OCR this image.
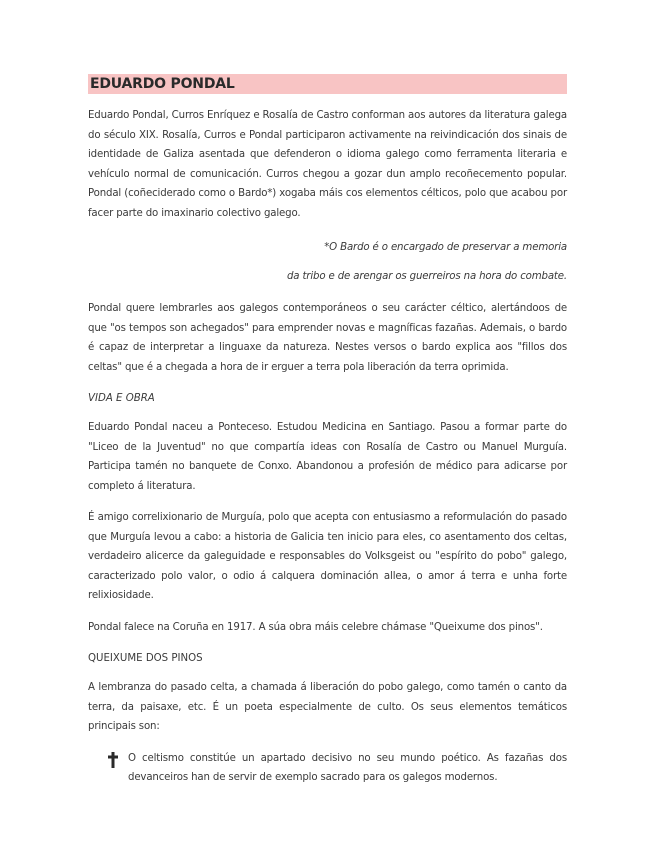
EDUARDO PONDAL

Eduardo Pondal, Curros Enríquez e Rosalía de Castro conforman aos autores da literatura galega do século XIX. Rosalía, Curros e Pondal participaron activamente na reivindicación dos sinais de identidade de Galiza asentada que defenderon o idioma galego como ferramenta literaria e vehículo normal de comunicación. Curros chegou a gozar dun amplo recoñecemento popular. Pondal (coñeciderado como o Bardo*) xogaba máis cos elementos célticos, polo que acabou por facer parte do imaxinario colectivo galego.

*O Bardo é o encargado de preservar a memoria
da tribo e de arengar os guerreiros na hora do combate.

Pondal quere lembrarles aos galegos contemporáneos o seu carácter céltico, alertándoos de que "os tempos son achegados" para emprender novas e magníficas fazañas. Ademais, o bardo é capaz de interpretar a linguaxe da natureza. Nestes versos o bardo explica aos "fillos dos celtas" que é a chegada a hora de ir erguer a terra pola liberación da terra oprimida.

VIDA E OBRA

Eduardo Pondal naceu a Ponteceso. Estudou Medicina en Santiago. Pasou a formar parte do "Liceo de la Juventud" no que compartía ideas con Rosalía de Castro ou Manuel Murguía. Participa tamén no banquete de Conxo. Abandonou a profesión de médico para adicarse por completo á literatura.

É amigo correlixionario de Murguía, polo que acepta con entusiasmo a reformulación do pasado que Murguía levou a cabo: a historia de Galicia ten inicio para eles, co asentamento dos celtas, verdadeiro alicerce da galeguidade e responsables do Volksgeist ou "espírito do pobo" galego, caracterizado polo valor, o odio á calquera dominación allea, o amor á terra e unha forte relixiosidade.

Pondal falece na Coruña en 1917. A súa obra máis celebre chámase "Queixume dos pinos".

QUEIXUME DOS PINOS

A lembranza do pasado celta, a chamada á liberación do pobo galego, como tamén o canto da terra, da paisaxe, etc. É un poeta especialmente de culto. Os seus elementos temáticos principais son:

O celtismo constitúe un apartado decisivo no seu mundo poético. As fazañas dos devanceiros han de servir de exemplo sacrado para os galegos modernos.
